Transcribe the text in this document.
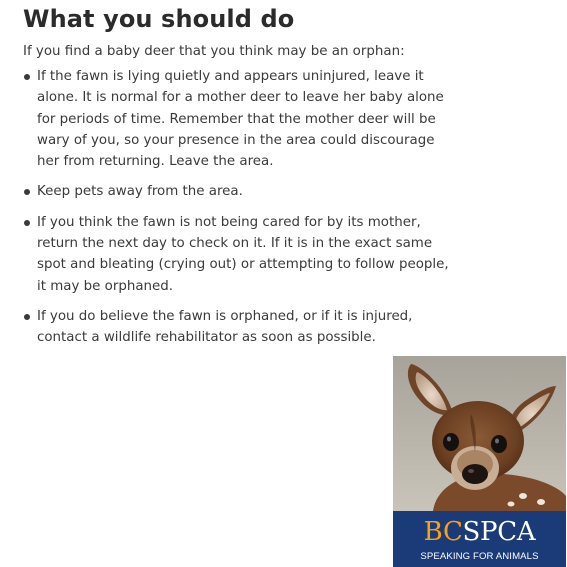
What you should do

If you find a baby deer that you think may be an orphan:

If the fawn is lying quietly and appears uninjured, leave it alone. It is normal for a mother deer to leave her baby alone for periods of time. Remember that the mother deer will be wary of you, so your presence in the area could discourage her from returning. Leave the area.
Keep pets away from the area.
If you think the fawn is not being cared for by its mother, return the next day to check on it. If it is in the exact same spot and bleating (crying out) or attempting to follow people, it may be orphaned.
If you do believe the fawn is orphaned, or if it is injured, contact a wildlife rehabilitator as soon as possible.
BCSPCA
SPEAKING FOR ANIMALS
